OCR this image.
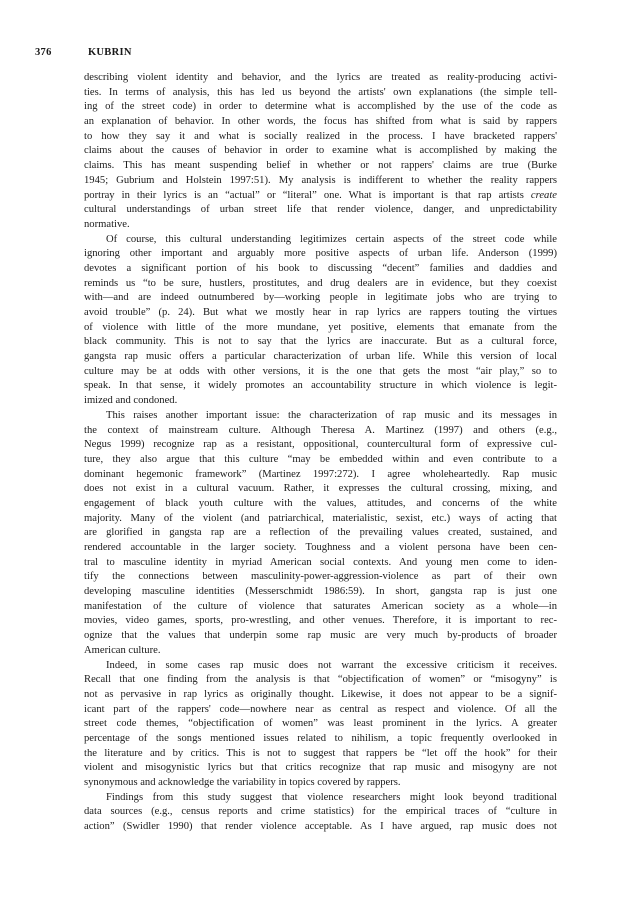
376	KUBRIN
describing violent identity and behavior, and the lyrics are treated as reality-producing activi-
ties. In terms of analysis, this has led us beyond the artists' own explanations (the simple tell-
ing of the street code) in order to determine what is accomplished by the use of the code as
an explanation of behavior. In other words, the focus has shifted from what is said by rappers
to how they say it and what is socially realized in the process. I have bracketed rappers'
claims about the causes of behavior in order to examine what is accomplished by making the
claims. This has meant suspending belief in whether or not rappers' claims are true (Burke
1945; Gubrium and Holstein 1997:51). My analysis is indifferent to whether the reality rappers
portray in their lyrics is an “actual” or “literal” one. What is important is that rap artists create
cultural understandings of urban street life that render violence, danger, and unpredictability
normative.
Of course, this cultural understanding legitimizes certain aspects of the street code while
ignoring other important and arguably more positive aspects of urban life. Anderson (1999)
devotes a significant portion of his book to discussing “decent” families and daddies and
reminds us “to be sure, hustlers, prostitutes, and drug dealers are in evidence, but they coexist
with—and are indeed outnumbered by—working people in legitimate jobs who are trying to
avoid trouble” (p. 24). But what we mostly hear in rap lyrics are rappers touting the virtues
of violence with little of the more mundane, yet positive, elements that emanate from the
black community. This is not to say that the lyrics are inaccurate. But as a cultural force,
gangsta rap music offers a particular characterization of urban life. While this version of local
culture may be at odds with other versions, it is the one that gets the most “air play,” so to
speak. In that sense, it widely promotes an accountability structure in which violence is legit-
imized and condoned.
This raises another important issue: the characterization of rap music and its messages in
the context of mainstream culture. Although Theresa A. Martinez (1997) and others (e.g.,
Negus 1999) recognize rap as a resistant, oppositional, countercultural form of expressive cul-
ture, they also argue that this culture “may be embedded within and even contribute to a
dominant hegemonic framework” (Martinez 1997:272). I agree wholeheartedly. Rap music
does not exist in a cultural vacuum. Rather, it expresses the cultural crossing, mixing, and
engagement of black youth culture with the values, attitudes, and concerns of the white
majority. Many of the violent (and patriarchical, materialistic, sexist, etc.) ways of acting that
are glorified in gangsta rap are a reflection of the prevailing values created, sustained, and
rendered accountable in the larger society. Toughness and a violent persona have been cen-
tral to masculine identity in myriad American social contexts. And young men come to iden-
tify the connections between masculinity-power-aggression-violence as part of their own
developing masculine identities (Messerschmidt 1986:59). In short, gangsta rap is just one
manifestation of the culture of violence that saturates American society as a whole—in
movies, video games, sports, pro-wrestling, and other venues. Therefore, it is important to rec-
ognize that the values that underpin some rap music are very much by-products of broader
American culture.
Indeed, in some cases rap music does not warrant the excessive criticism it receives.
Recall that one finding from the analysis is that “objectification of women” or “misogyny” is
not as pervasive in rap lyrics as originally thought. Likewise, it does not appear to be a signif-
icant part of the rappers' code—nowhere near as central as respect and violence. Of all the
street code themes, “objectification of women” was least prominent in the lyrics. A greater
percentage of the songs mentioned issues related to nihilism, a topic frequently overlooked in
the literature and by critics. This is not to suggest that rappers be “let off the hook” for their
violent and misogynistic lyrics but that critics recognize that rap music and misogyny are not
synonymous and acknowledge the variability in topics covered by rappers.
Findings from this study suggest that violence researchers might look beyond traditional
data sources (e.g., census reports and crime statistics) for the empirical traces of “culture in
action” (Swidler 1990) that render violence acceptable. As I have argued, rap music does not
